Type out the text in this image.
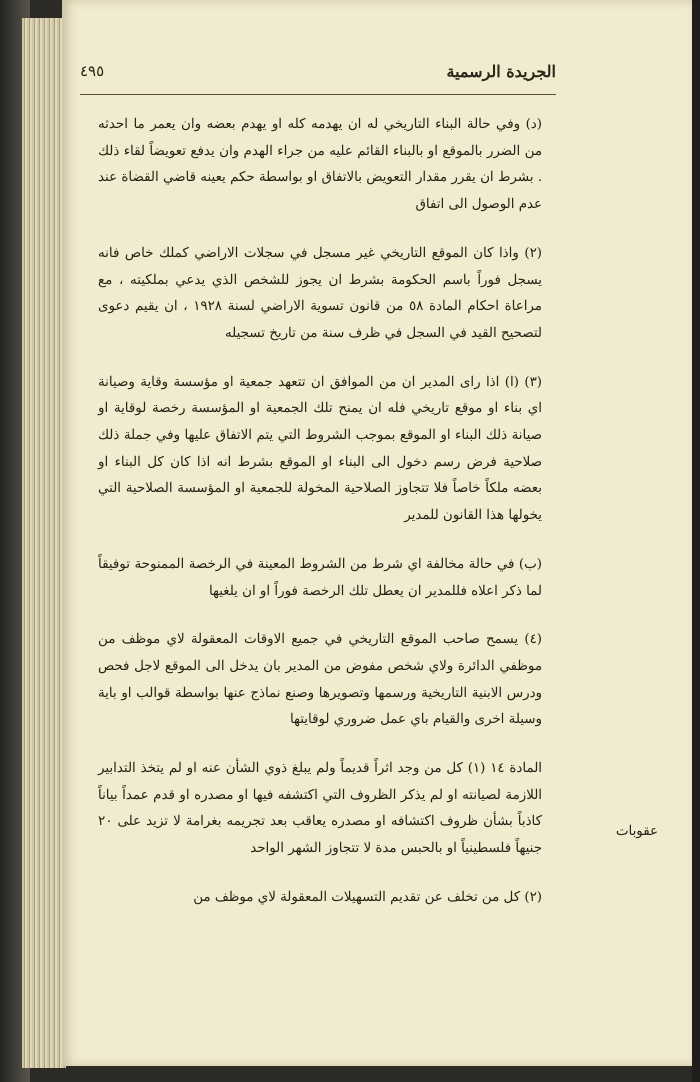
٤٩٥	الجريدة الرسمية

(د) وفي حالة البناء التاريخي له ان يهدمه كله او يهدم بعضه وان يعمر ما احدثه من الضرر بالموقع او بالبناء القائم عليه من جراء الهدم وان يدفع تعويضاً لقاء ذلك . بشرط ان يقرر مقدار التعويض بالاتفاق او بواسطة حكم يعينه قاضي القضاة عند عدم الوصول الى اتفاق

(٢) واذا كان الموقع التاريخي غير مسجل في سجلات الاراضي كملك خاص فانه يسجل فوراً باسم الحكومة بشرط ان يجوز للشخص الذي يدعي بملكيته ، مع مراعاة احكام المادة ٥٨ من قانون تسوية الاراضي لسنة ١٩٢٨ ، ان يقيم دعوى لتصحيح القيد في السجل في ظرف سنة من تاريخ تسجيله

(٣) (ا) اذا راى المدير ان من الموافق ان تتعهد جمعية او مؤسسة وقاية وصيانة اي بناء او موقع تاريخي فله ان يمنح تلك الجمعية او المؤسسة رخصة لوقاية او صيانة ذلك البناء او الموقع بموجب الشروط التي يتم الاتفاق عليها وفي جملة ذلك صلاحية فرض رسم دخول الى البناء او الموقع بشرط انه اذا كان كل البناء او بعضه ملكاً خاصاً فلا تتجاوز الصلاحية المخولة للجمعية او المؤسسة الصلاحية التي يخولها هذا القانون للمدير

(ب) في حالة مخالفة اي شرط من الشروط المعينة في الرخصة الممنوحة توفيقاً لما ذكر اعلاه فللمدير ان يعطل تلك الرخصة فوراً او ان يلغيها

(٤) يسمح صاحب الموقع التاريخي في جميع الاوقات المعقولة لاي موظف من موظفي الدائرة ولاي شخص مفوض من المدير بان يدخل الى الموقع لاجل فحص ودرس الابنية التاريخية ورسمها وتصويرها وصنع نماذج عنها بواسطة قوالب او باية وسيلة اخرى والقيام باي عمل ضروري لوقايتها

المادة ١٤ (١) كل من وجد اثراً قديماً ولم يبلغ ذوي الشأن عنه او لم يتخذ التدابير اللازمة لصيانته او لم يذكر الظروف التي اكتشفه فيها او مصدره او قدم عمداً بياناً كاذباً بشأن ظروف اكتشافه او مصدره يعاقب بعد تجريمه بغرامة لا تزيد على ٢٠ جنيهاً فلسطينياً او بالحبس مدة لا تتجاوز الشهر الواحد

(٢) كل من تخلف عن تقديم التسهيلات المعقولة لاي موظف من

عقوبات
